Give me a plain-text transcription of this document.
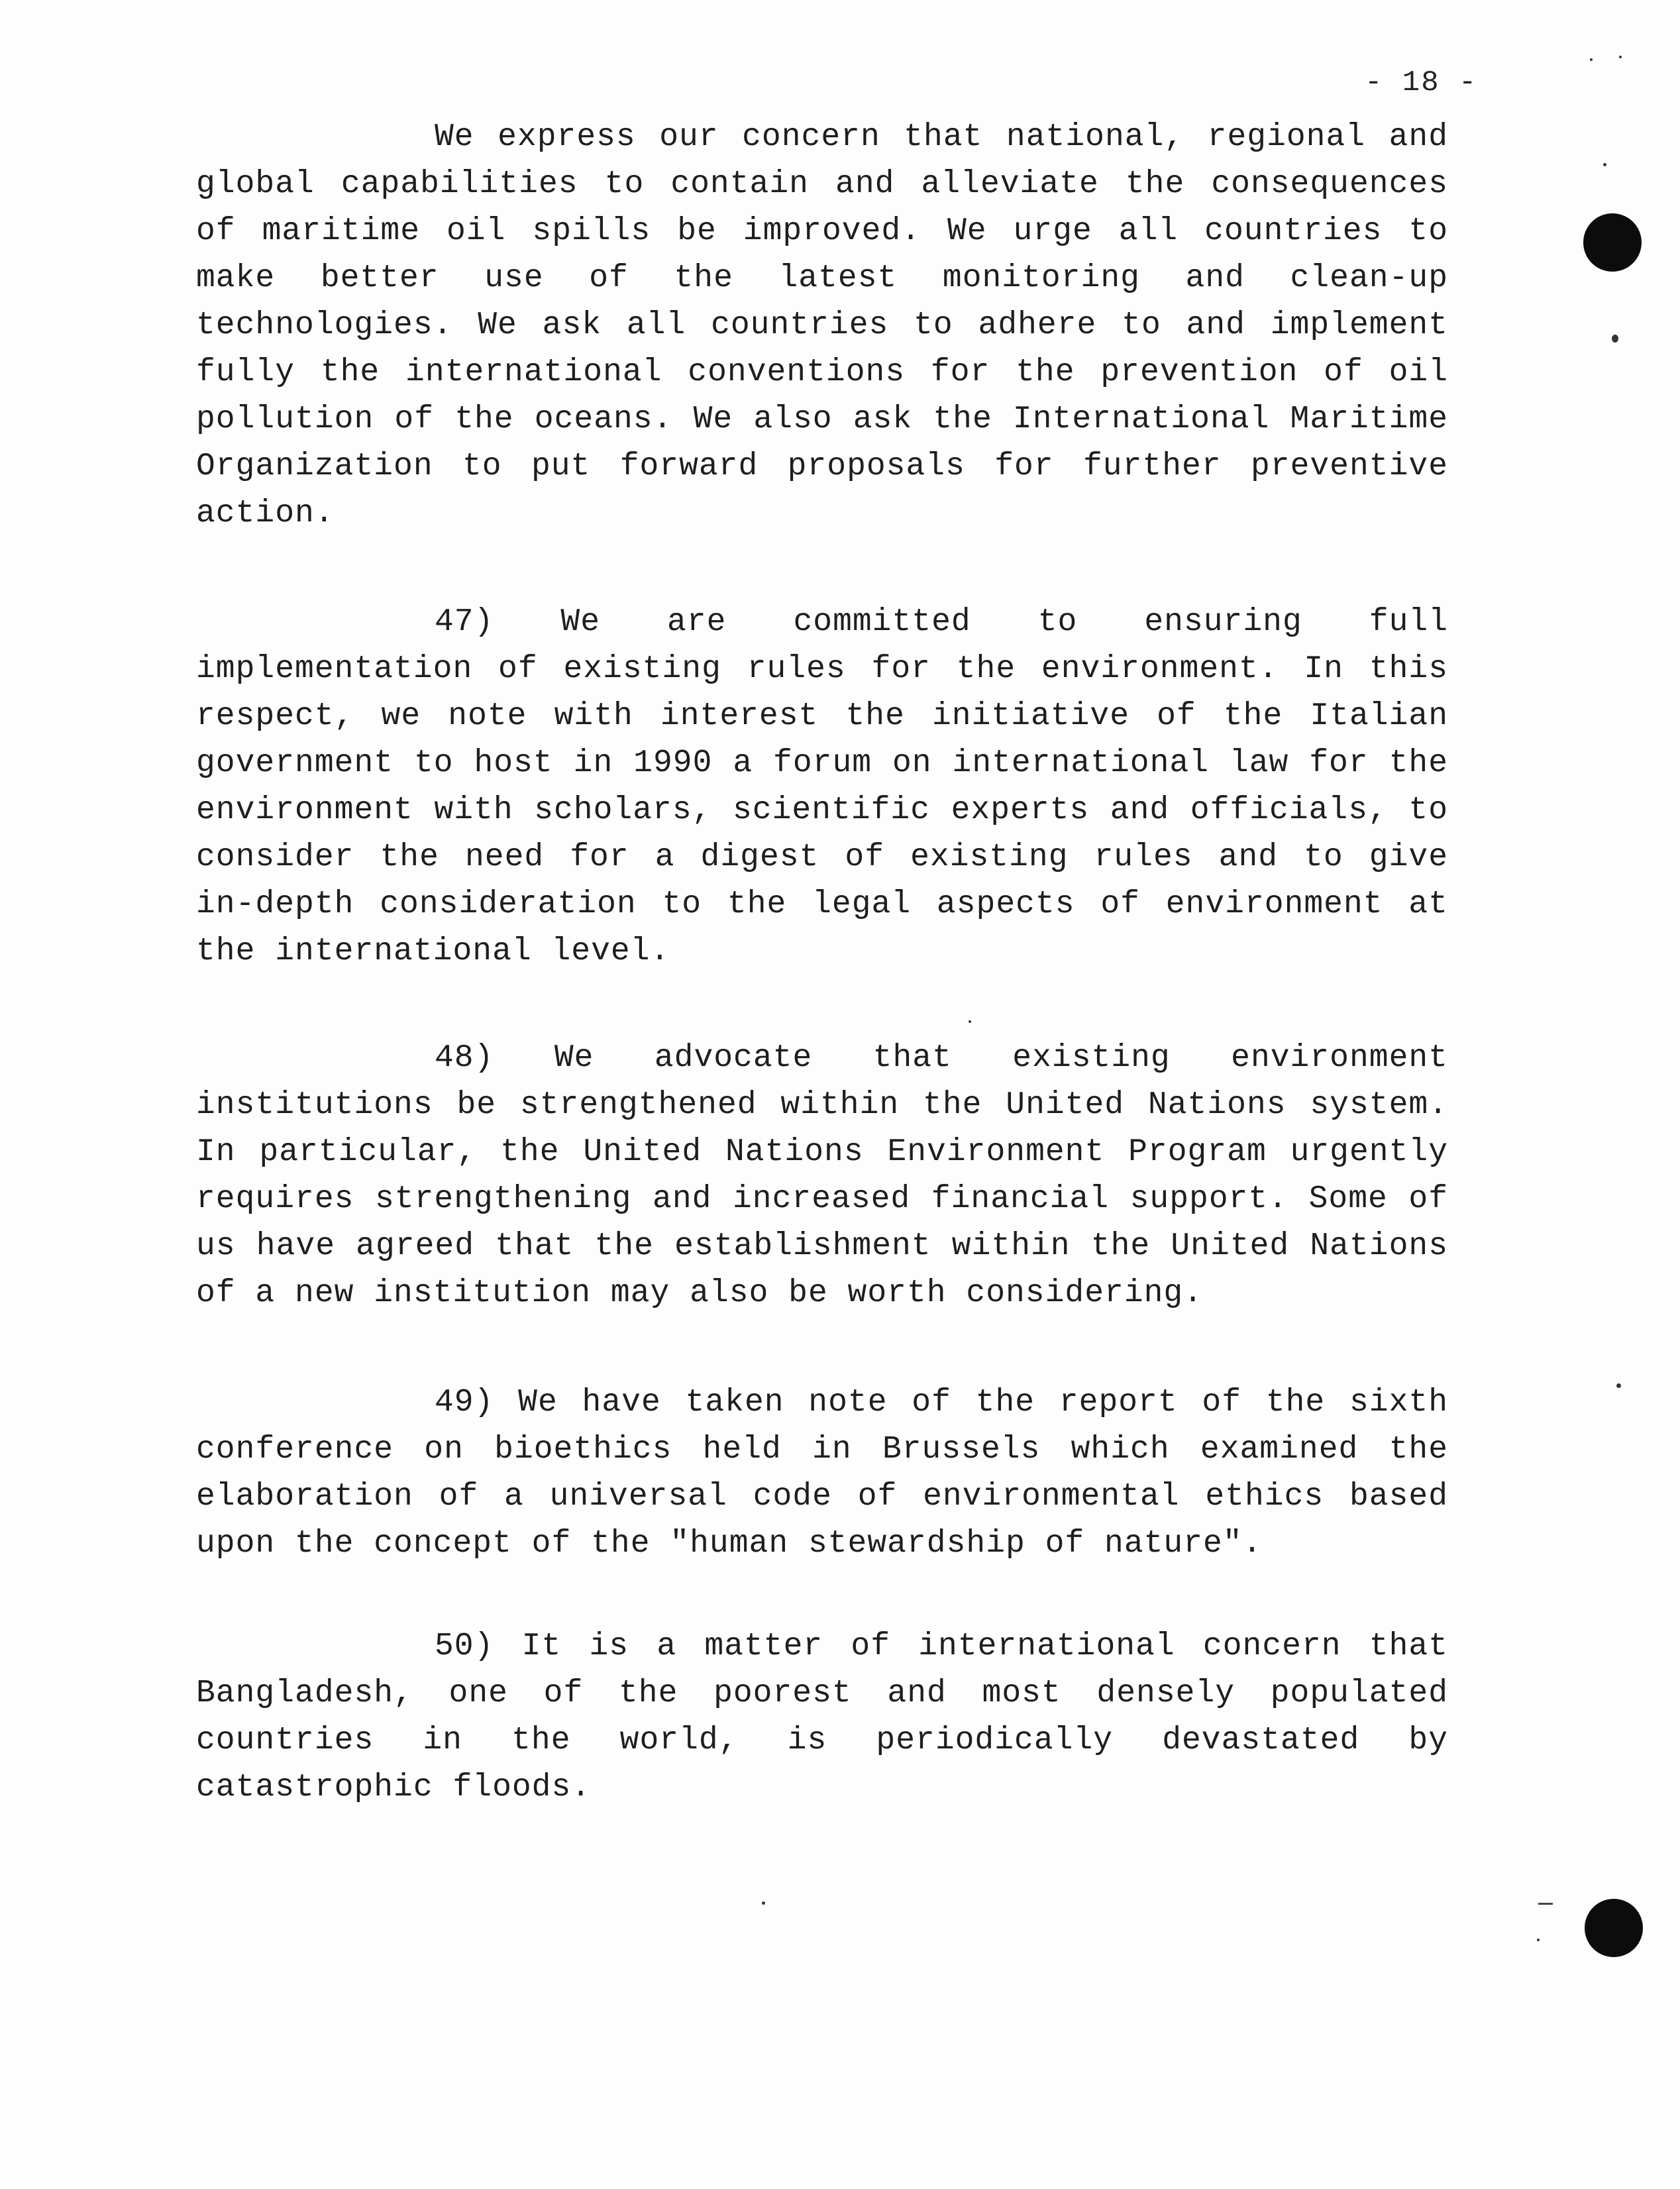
- 18 -

We express our concern that national, regional and global capabilities to contain and alleviate the consequences of maritime oil spills be improved. We urge all countries to make better use of the latest monitoring and clean-up technologies. We ask all countries to adhere to and implement fully the international conventions for the prevention of oil pollution of the oceans. We also ask the International Maritime Organization to put forward proposals for further preventive action.

47) We are committed to ensuring full implementation of existing rules for the environment. In this respect, we note with interest the initiative of the Italian government to host in 1990 a forum on international law for the environment with scholars, scientific experts and officials, to consider the need for a digest of existing rules and to give in-depth consideration to the legal aspects of environment at the international level.

48) We advocate that existing environment institutions be strengthened within the United Nations system. In particular, the United Nations Environment Program urgently requires strengthening and increased financial support. Some of us have agreed that the establishment within the United Nations of a new institution may also be worth considering.

49) We have taken note of the report of the sixth conference on bioethics held in Brussels which examined the elaboration of a universal code of environmental ethics based upon the concept of the "human stewardship of nature".

50) It is a matter of international concern that Bangladesh, one of the poorest and most densely populated countries in the world, is periodically devastated by catastrophic floods.
